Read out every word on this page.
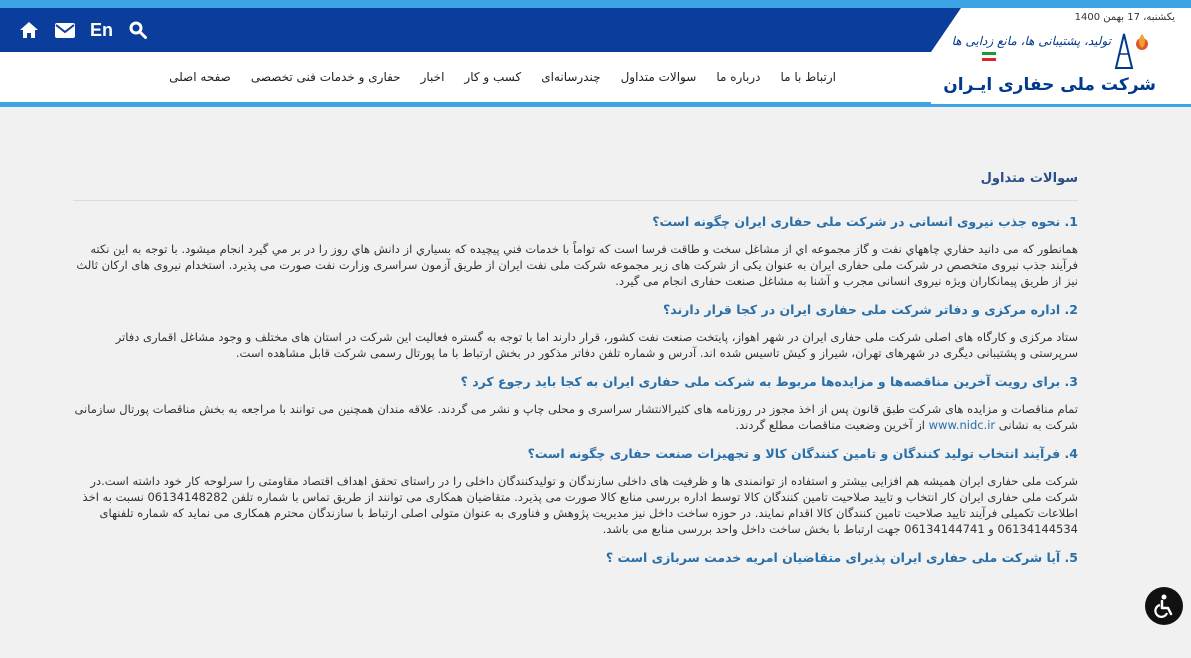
یکشنبه، 17 بهمن 1400
En
صفحه اصلی حفاری و خدمات فنی تخصصی اخبار کسب و کار چندرسانه‌ای سوالات متداول درباره ما ارتباط با ما
تولید، پشتیبانی ها، مانع زدایی ها
شرکت ملی حفاری ایـران
سوالات متداول
1. نحوه جذب نیروی انسانی در شرکت ملی حفاری ایران چگونه است؟
همانطور که می دانید حفاري چاههاي نفت و گاز مجموعه اي از مشاغل سخت و طاقت فرسا است که تواماً با خدمات فني پیچیده که بسیاري از دانش هاي روز را در بر مي گیرد انجام میشود. با توجه به این نکته فرآیند جذب نیروی متخصص در شرکت ملی حفاری ایران به عنوان یکی از شرکت های زیر مجموعه شرکت ملی نفت ایران از طریق آزمون سراسری وزارت نفت صورت می پذیرد. استخدام نیروی های ارکان ثالث نیز از طریق پیمانکاران ویژه نیروی انسانی مجرب و آشنا به مشاغل صنعت حفاری انجام می گیرد.
2. اداره مرکزی و دفاتر شرکت ملی حفاری ایران در کجا قرار دارند؟
ستاد مرکزی و کارگاه های اصلی شرکت ملی حفاری ایران در شهر اهواز، پایتخت صنعت نفت کشور، قرار دارند اما با توجه به گستره فعالیت این شرکت در استان های مختلف و وجود مشاغل اقماری دفاتر سرپرستی و پشتیبانی دیگری در شهرهای تهران، شیراز و کیش تاسیس شده اند. آدرس و شماره تلفن دفاتر مذکور در بخش ارتباط با ما پورتال رسمی شرکت قابل مشاهده است.
3. برای رویت آخرین مناقصه‌ها و مزایده‌ها مربوط به شرکت ملی حفاری ایران به کجا باید رجوع کرد ؟
تمام مناقصات و مزایده های شرکت طبق قانون پس از اخذ مجوز در روزنامه های کثیرالانتشار سراسری و محلی چاپ و نشر می گردند. علاقه مندان همچنین می توانند با مراجعه به بخش مناقصات پورتال سازمانی شرکت به نشانی www.nidc.ir از آخرین وضعیت مناقصات مطلع گردند.
4. فرآیند انتخاب تولید کنندگان و تامین کنندگان کالا و تجهیزات صنعت حفاری چگونه است؟
شرکت ملی حفاری ایران همیشه هم افزایی بیشتر و استفاده از توانمندی ها و ظرفیت های داخلی سازندگان و تولیدکنندگان داخلی را در راستای تحقق اهداف اقتصاد مقاومتی را سرلوحه کار خود داشته است.در شرکت ملی حفاری ایران کار انتخاب و تایید صلاحیت تامین کنندگان کالا توسط اداره بررسی منابع کالا صورت می پذیرد. متقاضیان همکاری می توانند از طریق تماس با شماره تلفن 06134148282 نسبت به اخذ اطلاعات تکمیلی فرآیند تایید صلاحیت تامین کنندگان کالا اقدام نمایند. در حوزه ساخت داخل نیز مدیریت پژوهش و فناوری به عنوان متولی اصلی ارتباط با سازندگان محترم همکاری می نماید که شماره تلفنهای 06134144534 و 06134144741 جهت ارتباط با بخش ساخت داخل واحد بررسی منابع می باشد.
5. آیا شرکت ملی حفاری ایران پذیرای متقاضیان امریه خدمت سربازی است ؟
